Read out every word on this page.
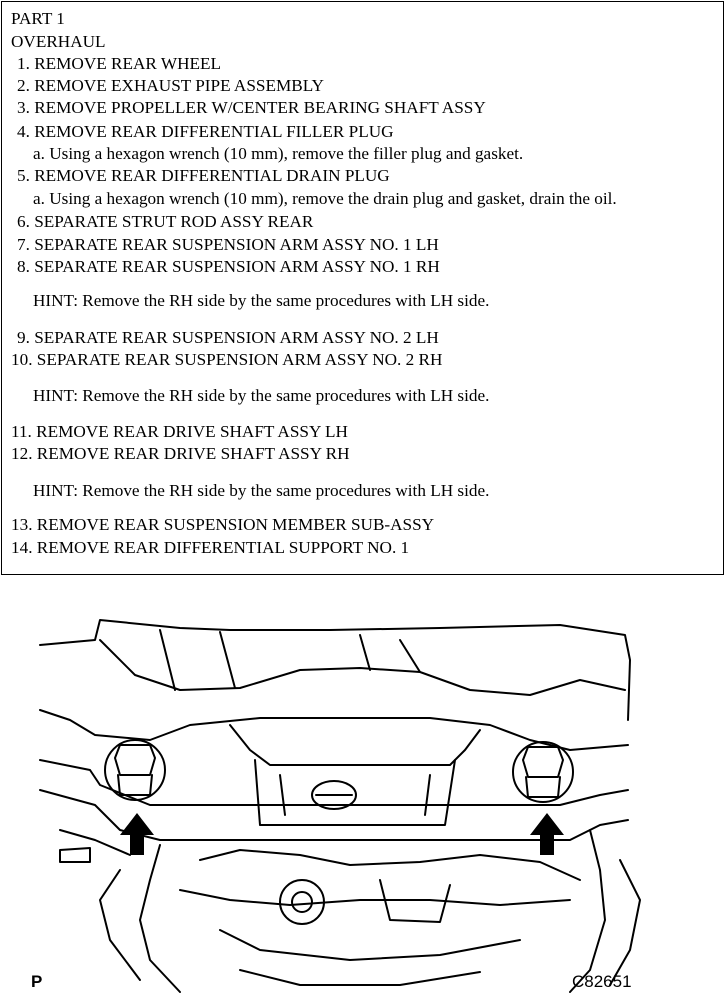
PART 1
OVERHAUL
1. REMOVE REAR WHEEL
2. REMOVE EXHAUST PIPE ASSEMBLY
3. REMOVE PROPELLER W/CENTER BEARING SHAFT ASSY
4. REMOVE REAR DIFFERENTIAL FILLER PLUG
a. Using a hexagon wrench (10 mm), remove the filler plug and gasket.
5. REMOVE REAR DIFFERENTIAL DRAIN PLUG
a. Using a hexagon wrench (10 mm), remove the drain plug and gasket, drain the oil.
6. SEPARATE STRUT ROD ASSY REAR
7. SEPARATE REAR SUSPENSION ARM ASSY NO. 1 LH
8. SEPARATE REAR SUSPENSION ARM ASSY NO. 1 RH
HINT: Remove the RH side by the same procedures with LH side.
9. SEPARATE REAR SUSPENSION ARM ASSY NO. 2 LH
10. SEPARATE REAR SUSPENSION ARM ASSY NO. 2 RH
HINT: Remove the RH side by the same procedures with LH side.
11. REMOVE REAR DRIVE SHAFT ASSY LH
12. REMOVE REAR DRIVE SHAFT ASSY RH
HINT: Remove the RH side by the same procedures with LH side.
13. REMOVE REAR SUSPENSION MEMBER SUB-ASSY
14. REMOVE REAR DIFFERENTIAL SUPPORT NO. 1
P	C82651
